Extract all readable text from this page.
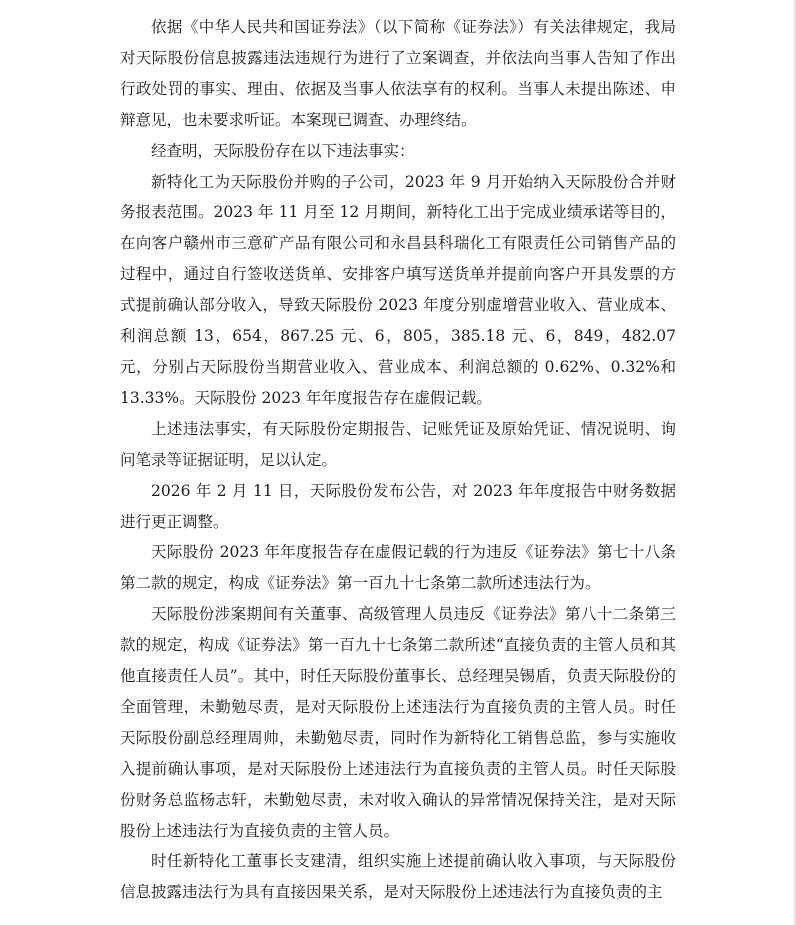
依据《中华人民共和国证券法》（以下简称《证券法》）有关法律规定，我局对天际股份信息披露违法违规行为进行了立案调查，并依法向当事人告知了作出行政处罚的事实、理由、依据及当事人依法享有的权利。当事人未提出陈述、申辩意见，也未要求听证。本案现已调查、办理终结。

经查明，天际股份存在以下违法事实：

新特化工为天际股份并购的子公司，2023 年 9 月开始纳入天际股份合并财务报表范围。2023 年 11 月至 12 月期间，新特化工出于完成业绩承诺等目的，在向客户赣州市三意矿产品有限公司和永昌县科瑞化工有限责任公司销售产品的过程中，通过自行签收送货单、安排客户填写送货单并提前向客户开具发票的方式提前确认部分收入，导致天际股份 2023 年度分别虚增营业收入、营业成本、利润总额 13，654，867.25 元、6，805，385.18 元、6，849，482.07 元，分别占天际股份当期营业收入、营业成本、利润总额的 0.62%、0.32%和 13.33%。天际股份 2023 年年度报告存在虚假记载。

上述违法事实，有天际股份定期报告、记账凭证及原始凭证、情况说明、询问笔录等证据证明，足以认定。

2026 年 2 月 11 日，天际股份发布公告，对 2023 年年度报告中财务数据进行更正调整。

天际股份 2023 年年度报告存在虚假记载的行为违反《证券法》第七十八条第二款的规定，构成《证券法》第一百九十七条第二款所述违法行为。

天际股份涉案期间有关董事、高级管理人员违反《证券法》第八十二条第三款的规定，构成《证券法》第一百九十七条第二款所述“直接负责的主管人员和其他直接责任人员”。其中，时任天际股份董事长、总经理吴锡盾，负责天际股份的全面管理，未勤勉尽责，是对天际股份上述违法行为直接负责的主管人员。时任天际股份副总经理周帅，未勤勉尽责，同时作为新特化工销售总监，参与实施收入提前确认事项，是对天际股份上述违法行为直接负责的主管人员。时任天际股份财务总监杨志轩，未勤勉尽责，未对收入确认的异常情况保持关注，是对天际股份上述违法行为直接负责的主管人员。

时任新特化工董事长支建清，组织实施上述提前确认收入事项，与天际股份信息披露违法行为具有直接因果关系，是对天际股份上述违法行为直接负责的主
